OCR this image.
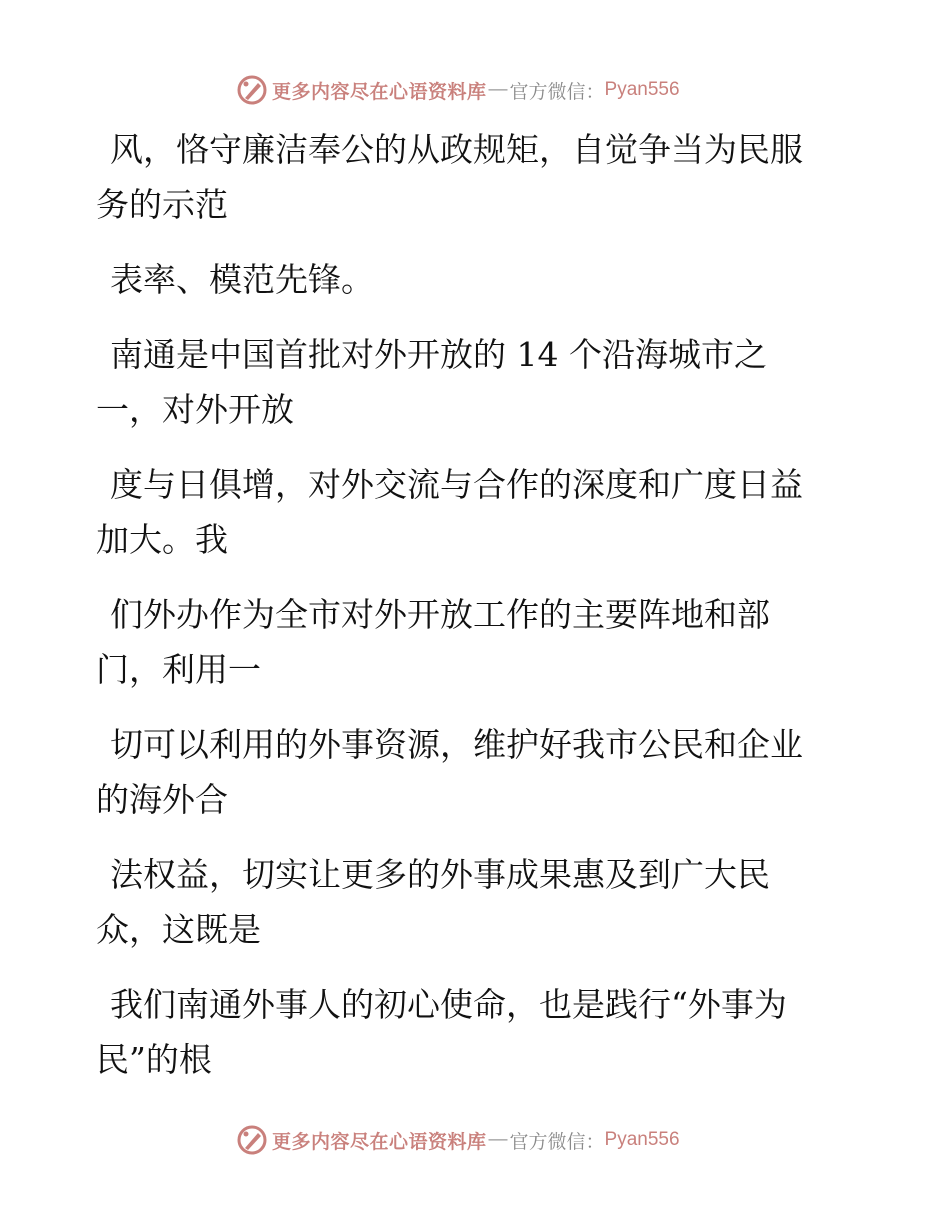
更多内容尽在心语资料库 — 官方微信： Pyan556

风，恪守廉洁奉公的从政规矩，自觉争当为民服
务的示范

表率、模范先锋。

南通是中国首批对外开放的 14 个沿海城市之
一，对外开放

度与日俱增，对外交流与合作的深度和广度日益
加大。我

们外办作为全市对外开放工作的主要阵地和部
门，利用一

切可以利用的外事资源，维护好我市公民和企业
的海外合

法权益，切实让更多的外事成果惠及到广大民
众，这既是

我们南通外事人的初心使命，也是践行“外事为
民”的根

更多内容尽在心语资料库 — 官方微信： Pyan556
